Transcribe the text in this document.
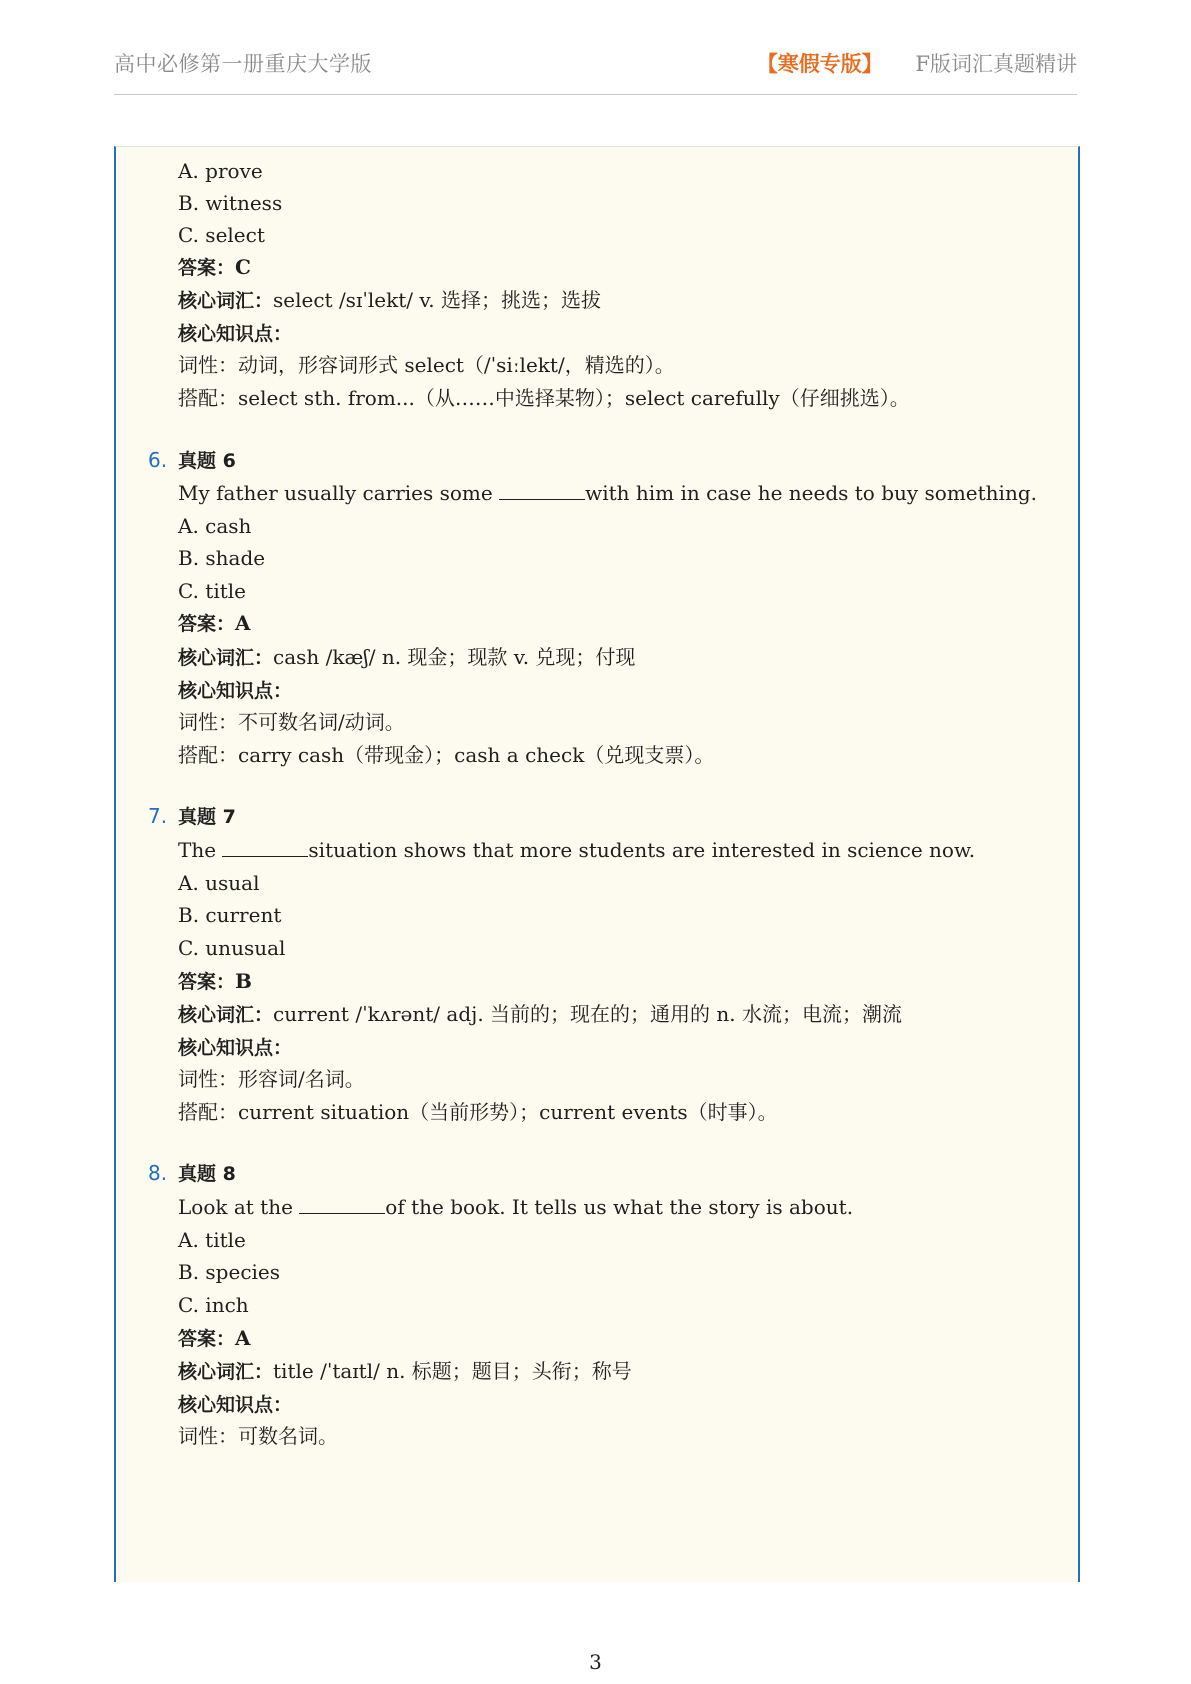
高中必修第一册重庆大学版	【寒假专版】 F版词汇真题精讲
A. prove
B. witness
C. select
答案：C
核心词汇：select /sɪˈlekt/ v. 选择；挑选；选拔
核心知识点：
词性：动词，形容词形式 select（/ˈsiːlekt/，精选的）。
搭配：select sth. from...（从……中选择某物）；select carefully（仔细挑选）。
6. 真题 6
My father usually carries some	with him in case he needs to buy something.
A. cash
B. shade
C. title
答案：A
核心词汇：cash /kæʃ/ n. 现金；现款 v. 兑现；付现
核心知识点：
词性：不可数名词/动词。
搭配：carry cash（带现金）；cash a check（兑现支票）。
7. 真题 7
The	situation shows that more students are interested in science now.
A. usual
B. current
C. unusual
答案：B
核心词汇：current /ˈkʌrənt/ adj. 当前的；现在的；通用的 n. 水流；电流；潮流
核心知识点：
词性：形容词/名词。
搭配：current situation（当前形势）；current events（时事）。
8. 真题 8
Look at the	of the book. It tells us what the story is about.
A. title
B. species
C. inch
答案：A
核心词汇：title /ˈtaɪtl/ n. 标题；题目；头衔；称号
核心知识点：
词性：可数名词。
3
